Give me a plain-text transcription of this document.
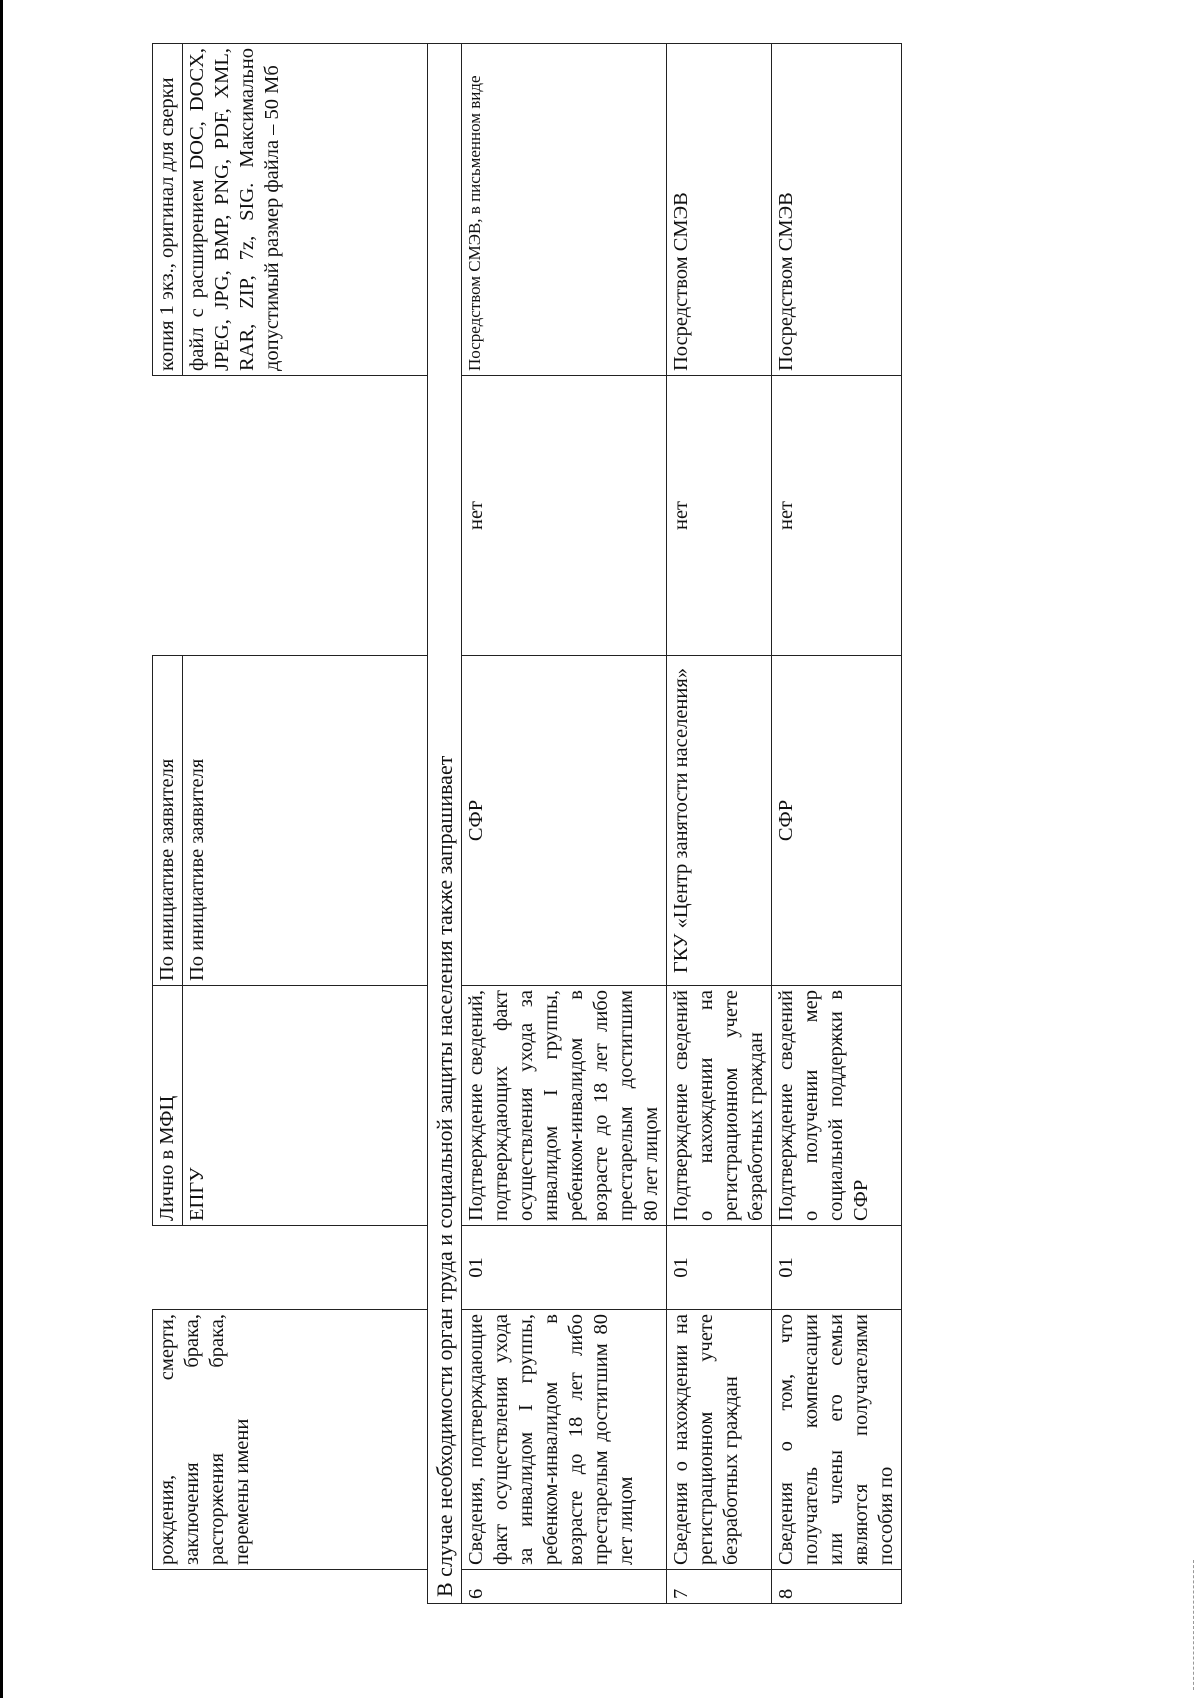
	рождения, смерти, заключения брака, расторжения брака, перемены имени		Лично в МФЦ	По инициативе заявителя		копия 1 экз., оригинал для сверки
			ЕПГУ	По инициативе заявителя		файл с расширением DOC, DOCX, JPEG, JPG, BMP, PNG, PDF, XML, RAR, ZIP, 7z, SIG. Максимально допустимый размер файла – 50 Мб
В случае необходимости орган труда и социальной защиты населения также запрашивает						
6	Сведения, подтверждающие факт осуществления ухода за инвалидом I группы, ребенком-инвалидом в возрасте до 18 лет либо престарелым достигшим 80 лет лицом	01	Подтверждение сведений, подтверждающих факт осуществления ухода за инвалидом I группы, ребенком-инвалидом в возрасте до 18 лет либо престарелым достигшим 80 лет лицом	СФР	нет	Посредством СМЭВ, в письменном виде
7	Сведения о нахождении на регистрационном учете безработных граждан	01	Подтверждение сведений о нахождении на регистрационном учете безработных граждан	ГКУ «Центр занятости населения»	нет	Посредством СМЭВ
8	Сведения о том, что получатель компенсации или члены его семьи являются получателями пособия по	01	Подтверждение сведений о получении мер социальной поддержки в СФР	СФР	нет	Посредством СМЭВ
